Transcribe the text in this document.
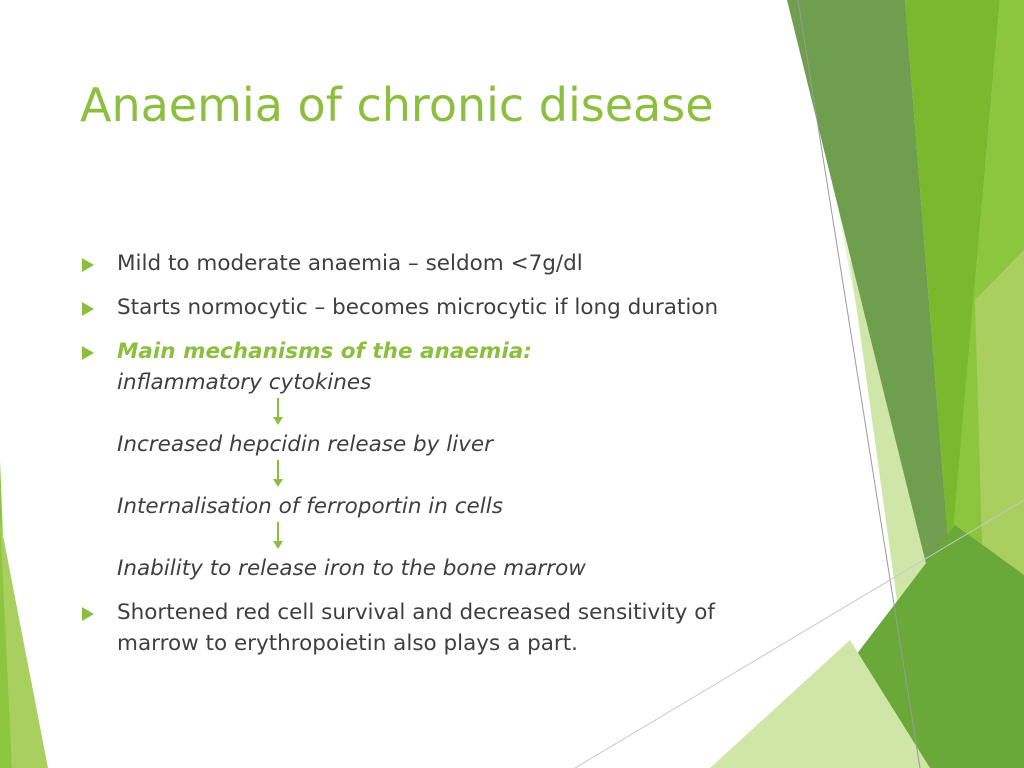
Anaemia of chronic disease
Mild to moderate anaemia – seldom <7g/dl
Starts normocytic – becomes microcytic if long duration
Main mechanisms of the anaemia:
inflammatory cytokines
Increased hepcidin release by liver
Internalisation of ferroportin in cells
Inability to release iron to the bone marrow
Shortened red cell survival and decreased sensitivity of
marrow to erythropoietin also plays a part.
